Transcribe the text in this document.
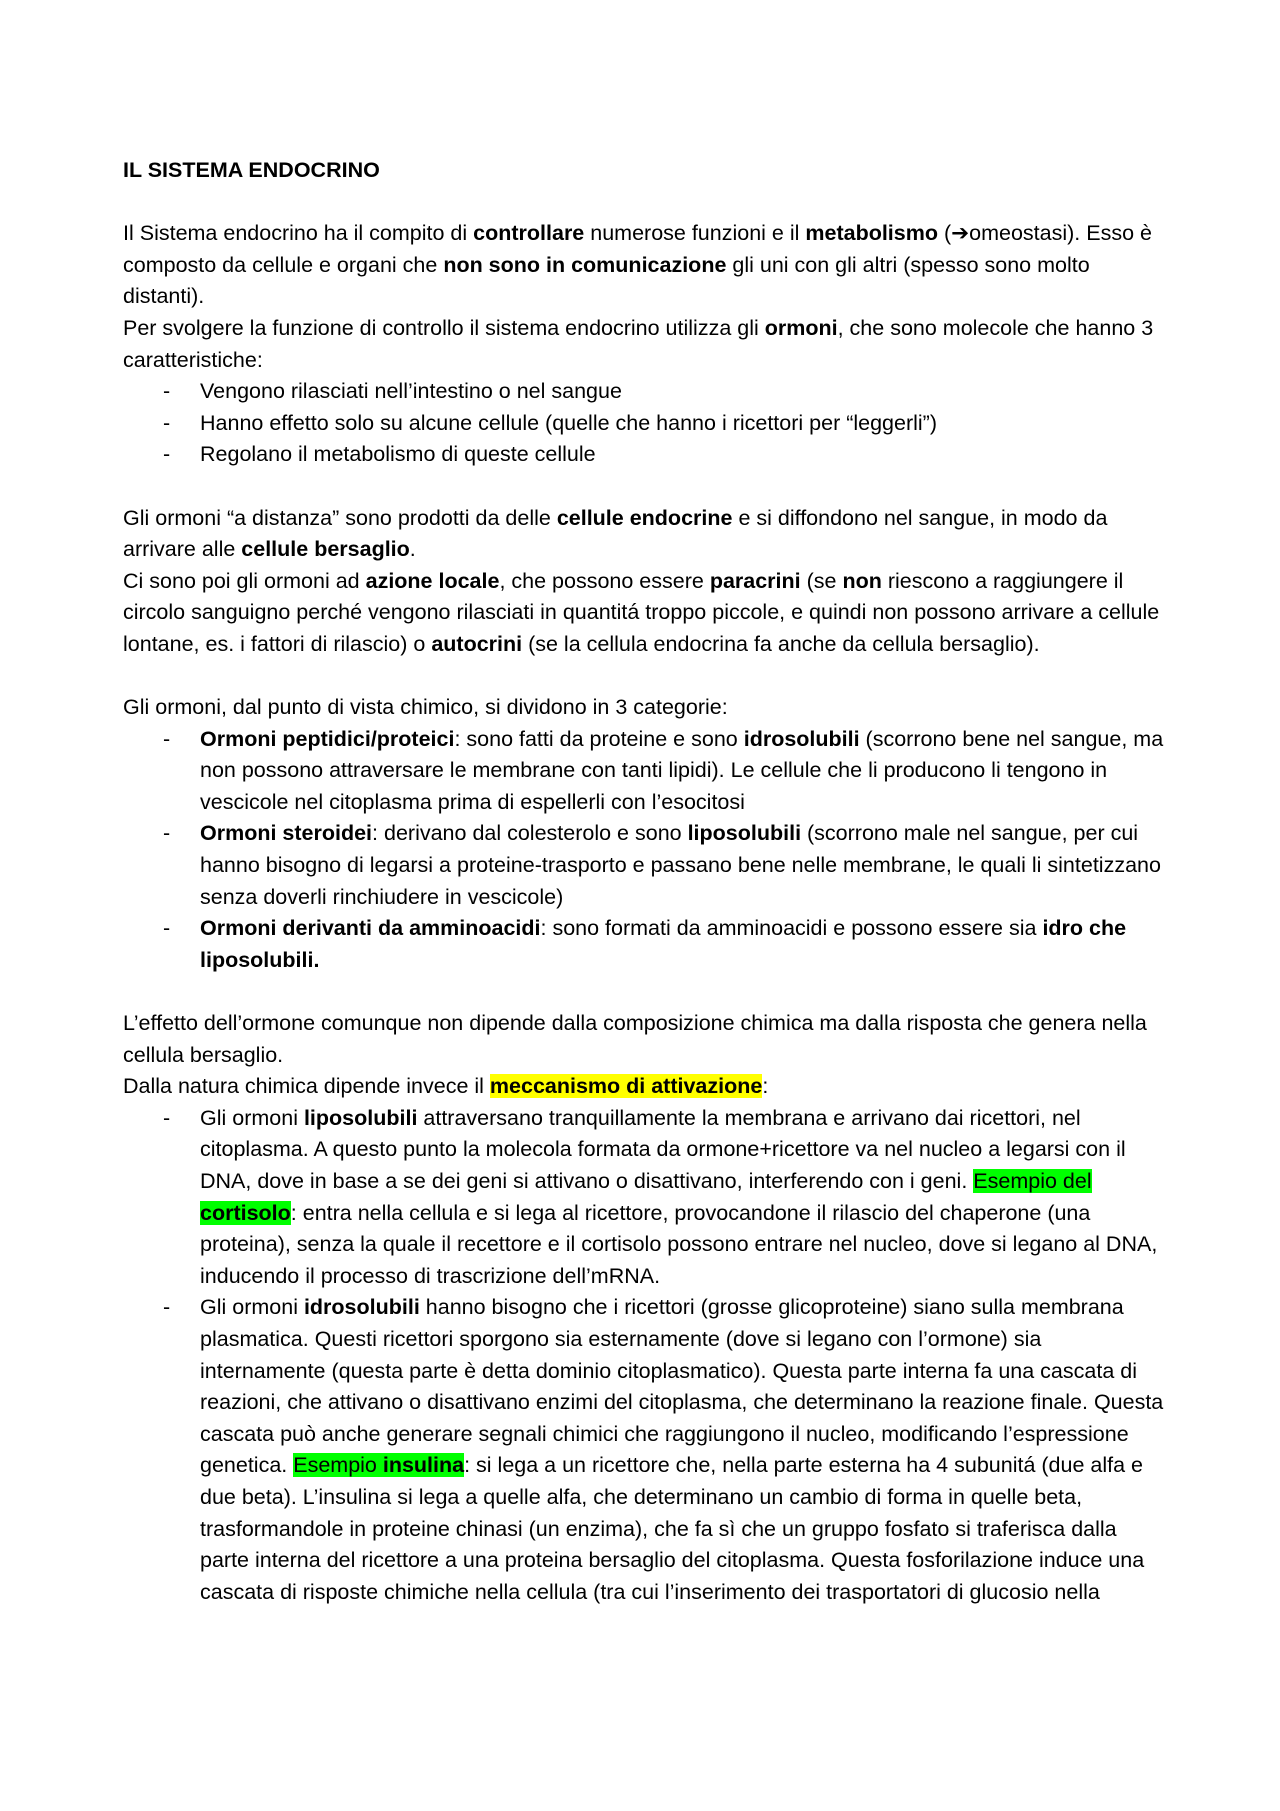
IL SISTEMA ENDOCRINO

Il Sistema endocrino ha il compito di controllare numerose funzioni e il metabolismo (➔omeostasi). Esso è composto da cellule e organi che non sono in comunicazione gli uni con gli altri (spesso sono molto distanti).

Per svolgere la funzione di controllo il sistema endocrino utilizza gli ormoni, che sono molecole che hanno 3 caratteristiche:

- Vengono rilasciati nell’intestino o nel sangue
- Hanno effetto solo su alcune cellule (quelle che hanno i ricettori per “leggerli”)
- Regolano il metabolismo di queste cellule

Gli ormoni “a distanza” sono prodotti da delle cellule endocrine e si diffondono nel sangue, in modo da arrivare alle cellule bersaglio.

Ci sono poi gli ormoni ad azione locale, che possono essere paracrini (se non riescono a raggiungere il circolo sanguigno perché vengono rilasciati in quantitá troppo piccole, e quindi non possono arrivare a cellule lontane, es. i fattori di rilascio) o autocrini (se la cellula endocrina fa anche da cellula bersaglio).

Gli ormoni, dal punto di vista chimico, si dividono in 3 categorie:

- Ormoni peptidici/proteici: sono fatti da proteine e sono idrosolubili (scorrono bene nel sangue, ma non possono attraversare le membrane con tanti lipidi). Le cellule che li producono li tengono in vescicole nel citoplasma prima di espellerli con l’esocitosi
- Ormoni steroidei: derivano dal colesterolo e sono liposolubili (scorrono male nel sangue, per cui hanno bisogno di legarsi a proteine-trasporto e passano bene nelle membrane, le quali li sintetizzano senza doverli rinchiudere in vescicole)
- Ormoni derivanti da amminoacidi: sono formati da amminoacidi e possono essere sia idro che liposolubili.

L’effetto dell’ormone comunque non dipende dalla composizione chimica ma dalla risposta che genera nella cellula bersaglio.

Dalla natura chimica dipende invece il meccanismo di attivazione:

- Gli ormoni liposolubili attraversano tranquillamente la membrana e arrivano dai ricettori, nel citoplasma. A questo punto la molecola formata da ormone+ricettore va nel nucleo a legarsi con il DNA, dove in base a se dei geni si attivano o disattivano, interferendo con i geni. Esempio del cortisolo: entra nella cellula e si lega al ricettore, provocandone il rilascio del chaperone (una proteina), senza la quale il recettore e il cortisolo possono entrare nel nucleo, dove si legano al DNA, inducendo il processo di trascrizione dell’mRNA.
- Gli ormoni idrosolubili hanno bisogno che i ricettori (grosse glicoproteine) siano sulla membrana plasmatica. Questi ricettori sporgono sia esternamente (dove si legano con l’ormone) sia internamente (questa parte è detta dominio citoplasmatico). Questa parte interna fa una cascata di reazioni, che attivano o disattivano enzimi del citoplasma, che determinano la reazione finale. Questa cascata può anche generare segnali chimici che raggiungono il nucleo, modificando l’espressione genetica. Esempio insulina: si lega a un ricettore che, nella parte esterna ha 4 subunitá (due alfa e due beta). L’insulina si lega a quelle alfa, che determinano un cambio di forma in quelle beta, trasformandole in proteine chinasi (un enzima), che fa sì che un gruppo fosfato si traferisca dalla parte interna del ricettore a una proteina bersaglio del citoplasma. Questa fosforilazione induce una cascata di risposte chimiche nella cellula (tra cui l’inserimento dei trasportatori di glucosio nella
